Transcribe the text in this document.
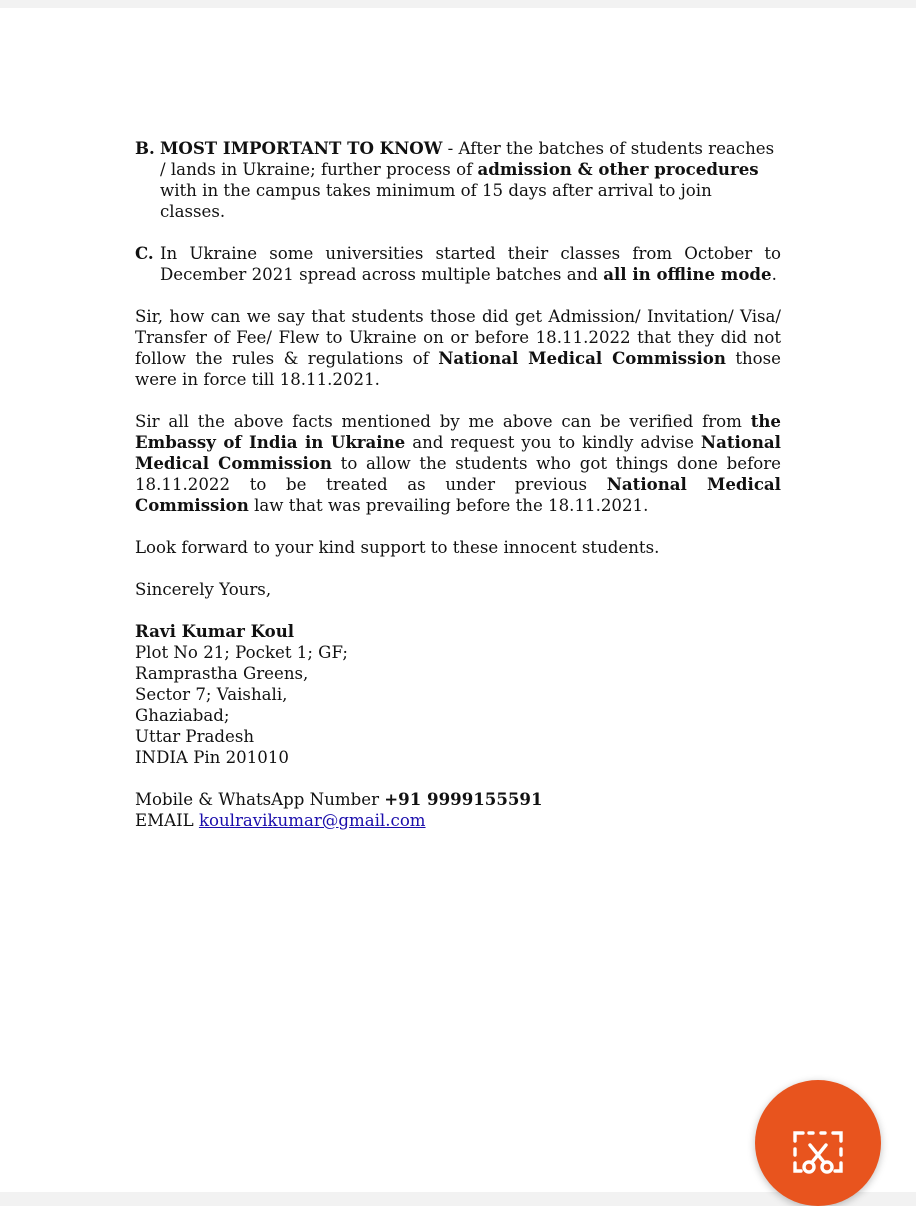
B. MOST IMPORTANT TO KNOW - After the batches of students reaches / lands in Ukraine; further process of admission & other procedures with in the campus takes minimum of 15 days after arrival to join classes.
C. In Ukraine some universities started their classes from October to December 2021 spread across multiple batches and all in offline mode.

Sir, how can we say that students those did get Admission/ Invitation/ Visa/ Transfer of Fee/ Flew to Ukraine on or before 18.11.2022 that they did not follow the rules & regulations of National Medical Commission those were in force till 18.11.2021.

Sir all the above facts mentioned by me above can be verified from the Embassy of India in Ukraine and request you to kindly advise National Medical Commission to allow the students who got things done before 18.11.2022 to be treated as under previous National Medical Commission law that was prevailing before the 18.11.2021.

Look forward to your kind support to these innocent students.

Sincerely Yours,

Ravi Kumar Koul
Plot No 21; Pocket 1; GF;
Ramprastha Greens,
Sector 7; Vaishali,
Ghaziabad;
Uttar Pradesh
INDIA Pin 201010
Mobile & WhatsApp Number +91 9999155591
EMAIL koulravikumar@gmail.com
